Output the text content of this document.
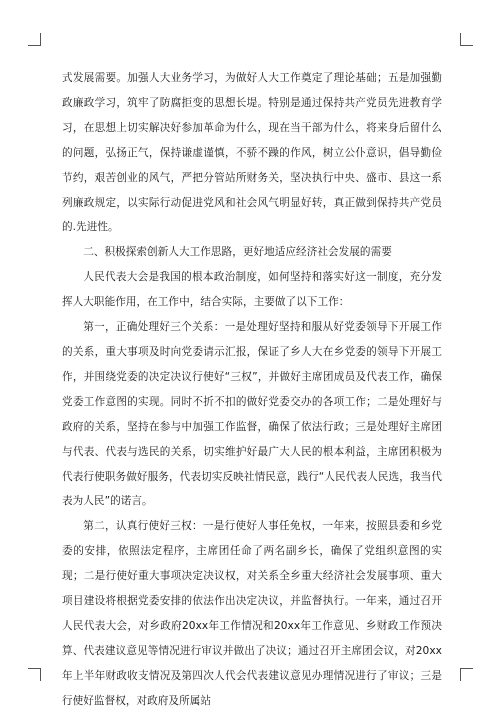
式发展需要。加强人大业务学习，为做好人大工作奠定了理论基础；五是加强勤政廉政学习，筑牢了防腐拒变的思想长堤。特别是通过保持共产党员先进教育学习，在思想上切实解决好参加革命为什么，现在当干部为什么，将来身后留什么的问题，弘扬正气，保持谦虚谨慎，不骄不躁的作风，树立公仆意识，倡导勤俭节约，艰苦创业的风气，严把分管站所财务关，坚决执行中央、盛市、县这一系列廉政规定，以实际行动促进党风和社会风气明显好转，真正做到保持共产党员的.先进性。

二、积极探索创新人大工作思路，更好地适应经济社会发展的需要

人民代表大会是我国的根本政治制度，如何坚持和落实好这一制度，充分发挥人大职能作用，在工作中，结合实际，主要做了以下工作：

第一，正确处理好三个关系：一是处理好坚持和服从好党委领导下开展工作的关系，重大事项及时向党委请示汇报，保证了乡人大在乡党委的领导下开展工作，并围绕党委的决定决议行使好“三权”，并做好主席团成员及代表工作，确保党委工作意图的实现。同时不折不扣的做好党委交办的各项工作；二是处理好与政府的关系，坚持在参与中加强工作监督，确保了依法行政；三是处理好主席团与代表、代表与选民的关系，切实维护好最广大人民的根本利益，主席团积极为代表行使职务做好服务，代表切实反映社情民意，践行“人民代表人民选，我当代表为人民”的诺言。

第二，认真行使好三权：一是行使好人事任免权，一年来，按照县委和乡党委的安排，依照法定程序，主席团任命了两名副乡长，确保了党组织意图的实现；二是行使好重大事项决定决议权，对关系全乡重大经济社会发展事项、重大项目建设将根据党委安排的依法作出决定决议，并监督执行。一年来，通过召开人民代表大会，对乡政府20xx年工作情况和20xx年工作意见、乡财政工作预决算、代表建议意见等情况进行审议并做出了决议；通过召开主席团会议，对20xx年上半年财政收支情况及第四次人代会代表建议意见办理情况进行了审议；三是行使好监督权，对政府及所属站
